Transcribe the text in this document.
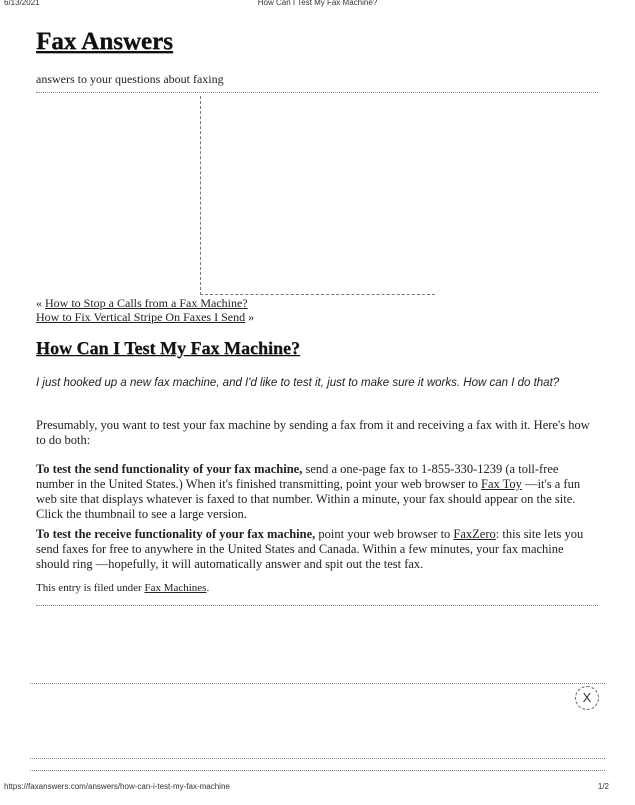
6/13/2021	How Can I Test My Fax Machine?
Fax Answers
answers to your questions about faxing
« How to Stop a Calls from a Fax Machine?
How to Fix Vertical Stripe On Faxes I Send »
How Can I Test My Fax Machine?
I just hooked up a new fax machine, and I'd like to test it, just to make sure it works. How can I do that?

Presumably, you want to test your fax machine by sending a fax from it and receiving a fax with it. Here's how to do both:

To test the send functionality of your fax machine, send a one-page fax to 1-855-330-1239 (a toll-free number in the United States.) When it's finished transmitting, point your web browser to Fax Toy —it's a fun web site that displays whatever is faxed to that number. Within a minute, your fax should appear on the site. Click the thumbnail to see a large version.

To test the receive functionality of your fax machine, point your web browser to FaxZero: this site lets you send faxes for free to anywhere in the United States and Canada. Within a few minutes, your fax machine should ring —hopefully, it will automatically answer and spit out the test fax.

This entry is filed under Fax Machines.
X
https://faxanswers.com/answers/how-can-i-test-my-fax-machine	1/2
